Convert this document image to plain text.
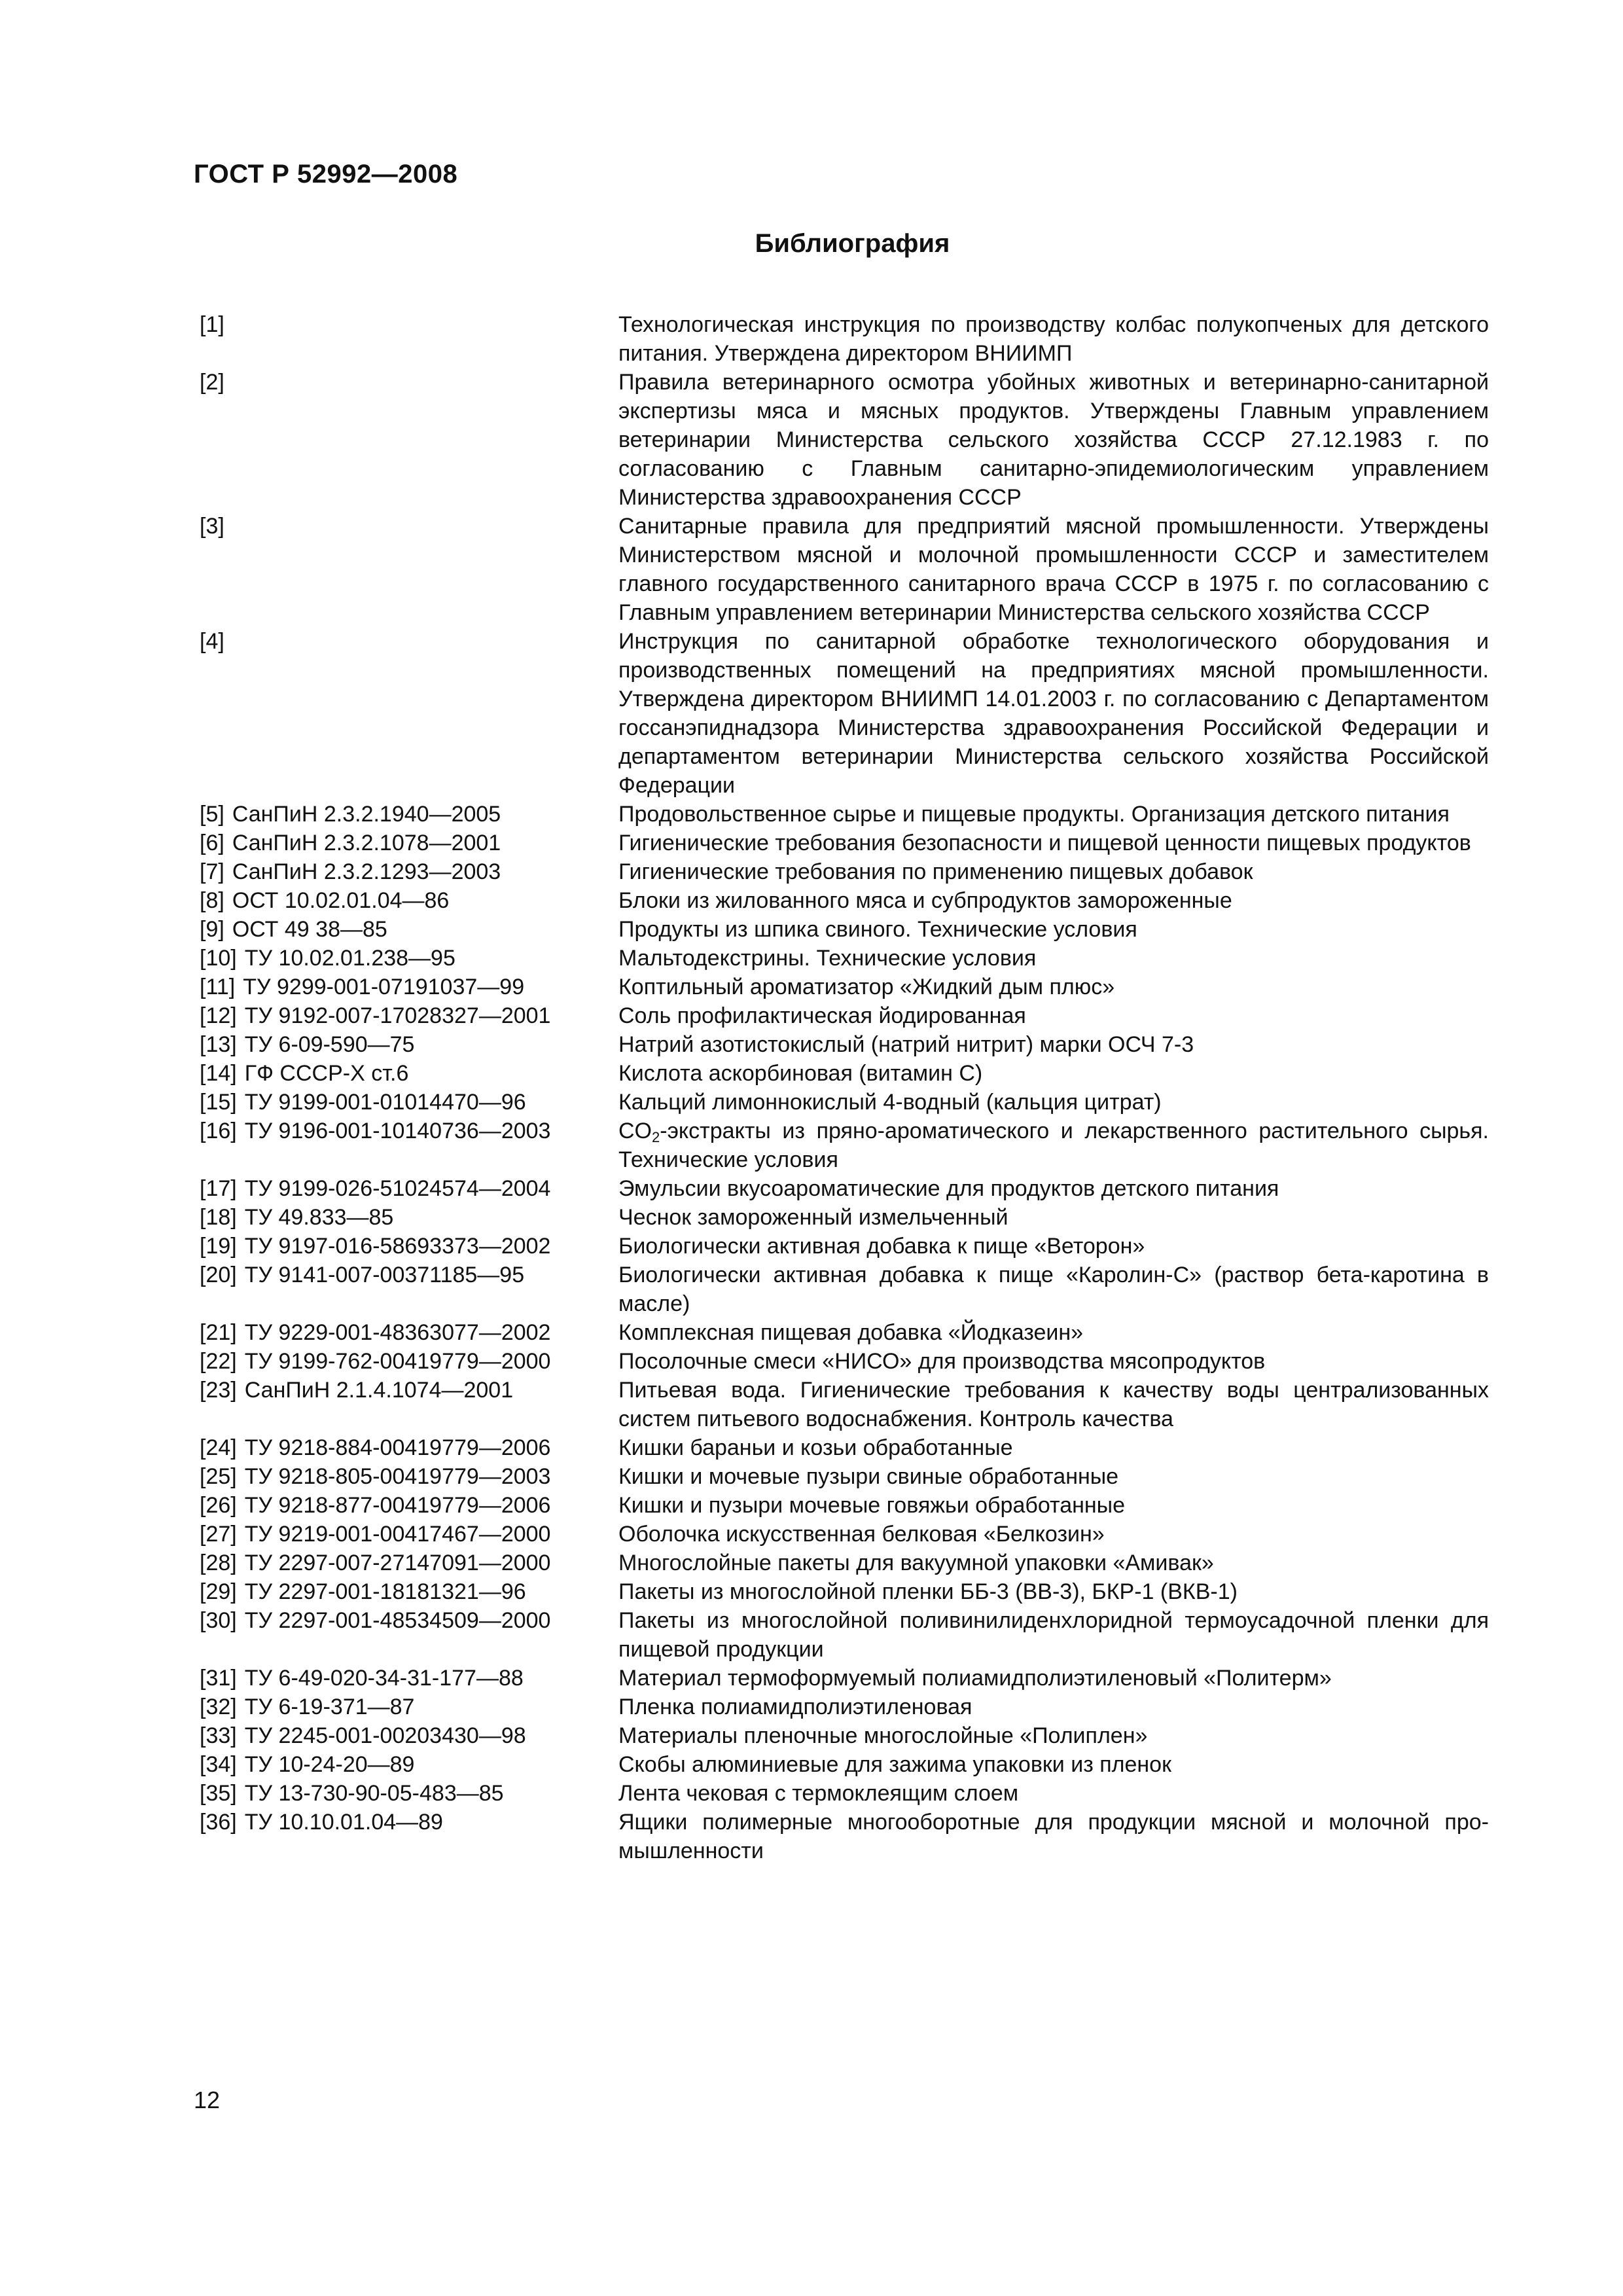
ГОСТ Р 52992—2008
Библиография
[1]	Технологическая инструкция по производству колбас полукопченых для детского питания. Утверждена директором ВНИИМП
[2]	Правила ветеринарного осмотра убойных животных и ветеринарно-санитарной экспертизы мяса и мясных продуктов. Утверждены Главным управлением ветеринарии Министерства сельского хозяйства СССР 27.12.1983 г. по согласованию с Главным санитарно-эпидемиологическим управлением Министерства здравоохранения СССР
[3]	Санитарные правила для предприятий мясной промышленности. Утверждены Министерством мясной и молочной промышленности СССР и заместителем главного государственного санитарного врача СССР в 1975 г. по согласованию с Главным управлением ветеринарии Министерства сельского хозяйства СССР
[4]	Инструкция по санитарной обработке технологического оборудования и производственных помещений на предприятиях мясной промышленности. Утверждена директором ВНИИМП 14.01.2003 г. по согласованию с Департаментом госсанэпиднадзора Министерства здравоохранения Российской Федерации и департаментом ветеринарии Министерства сельского хозяйства Российской Федерации
[5] СанПиН 2.3.2.1940—2005	Продовольственное сырье и пищевые продукты. Организация детского питания
[6] СанПиН 2.3.2.1078—2001	Гигиенические требования безопасности и пищевой ценности пищевых продуктов
[7] СанПиН 2.3.2.1293—2003	Гигиенические требования по применению пищевых добавок
[8] ОСТ 10.02.01.04—86	Блоки из жилованного мяса и субпродуктов замороженные
[9] ОСТ 49 38—85	Продукты из шпика свиного. Технические условия
[10] ТУ 10.02.01.238—95	Мальтодекстрины. Технические условия
[11] ТУ 9299-001-07191037—99	Коптильный ароматизатор «Жидкий дым плюс»
[12] ТУ 9192-007-17028327—2001	Соль профилактическая йодированная
[13] ТУ 6-09-590—75	Натрий азотистокислый (натрий нитрит) марки ОСЧ 7-3
[14] ГФ СССР-Х ст.6	Кислота аскорбиновая (витамин С)
[15] ТУ 9199-001-01014470—96	Кальций лимоннокислый 4-водный (кальция цитрат)
[16] ТУ 9196-001-10140736—2003	$CO_2$-экстракты из пряно-ароматического и лекарственного растительного сырья. Технические условия
[17] ТУ 9199-026-51024574—2004	Эмульсии вкусоароматические для продуктов детского питания
[18] ТУ 49.833—85	Чеснок замороженный измельченный
[19] ТУ 9197-016-58693373—2002	Биологически активная добавка к пище «Веторон»
[20] ТУ 9141-007-00371185—95	Биологически активная добавка к пище «Каролин-С» (раствор бета-каротина в масле)
[21] ТУ 9229-001-48363077—2002	Комплексная пищевая добавка «Йодказеин»
[22] ТУ 9199-762-00419779—2000	Посолочные смеси «НИСО» для производства мясопродуктов
[23] СанПиН 2.1.4.1074—2001	Питьевая вода. Гигиенические требования к качеству воды централизованных систем питьевого водоснабжения. Контроль качества
[24] ТУ 9218-884-00419779—2006	Кишки бараньи и козьи обработанные
[25] ТУ 9218-805-00419779—2003	Кишки и мочевые пузыри свиные обработанные
[26] ТУ 9218-877-00419779—2006	Кишки и пузыри мочевые говяжьи обработанные
[27] ТУ 9219-001-00417467—2000	Оболочка искусственная белковая «Белкозин»
[28] ТУ 2297-007-27147091—2000	Многослойные пакеты для вакуумной упаковки «Амивак»
[29] ТУ 2297-001-18181321—96	Пакеты из многослойной пленки ББ-3 (ВВ-3), БКР-1 (ВКВ-1)
[30] ТУ 2297-001-48534509—2000	Пакеты из многослойной поливинилиденхлоридной термоусадочной пленки для пищевой продукции
[31] ТУ 6-49-020-34-31-177—88	Материал термоформуемый полиамидполиэтиленовый «Политерм»
[32] ТУ 6-19-371—87	Пленка полиамидполиэтиленовая
[33] ТУ 2245-001-00203430—98	Материалы пленочные многослойные «Полиплен»
[34] ТУ 10-24-20—89	Скобы алюминиевые для зажима упаковки из пленок
[35] ТУ 13-730-90-05-483—85	Лента чековая с термоклеящим слоем
[36] ТУ 10.10.01.04—89	Ящики полимерные многооборотные для продукции мясной и молочной промышленности
12
